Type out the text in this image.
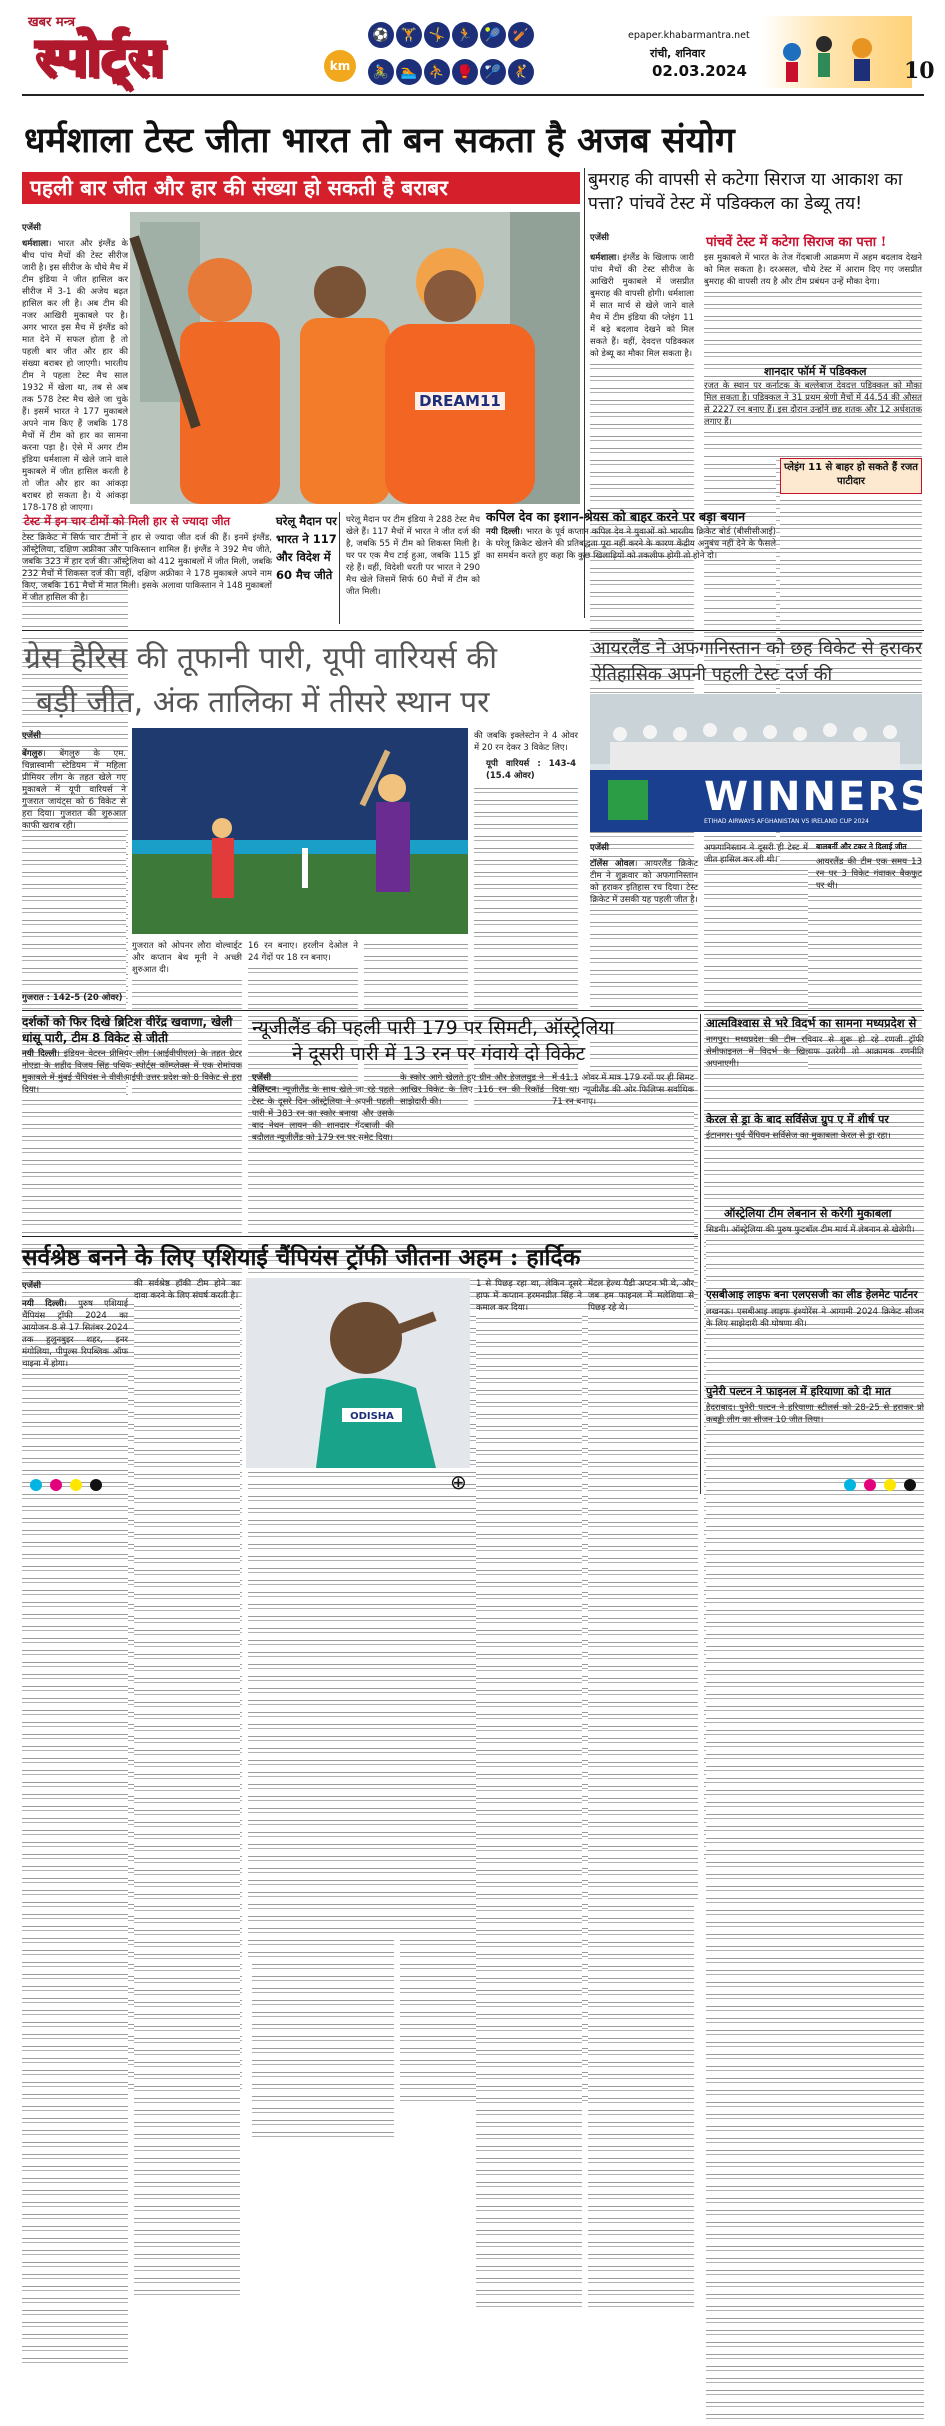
खबर मन्त्र
स्पोर्ट्स	km
⚽ 🏋 🤸 🏃 🎾 🏏
🚴 🏊 ⛹ 🥊 🏸 🤾
epaper.khabarmantra.net
रांची, शनिवार
02.03.2024	10
धर्मशाला टेस्ट जीता भारत तो बन सकता है अजब संयोग
पहली बार जीत और हार की संख्या हो सकती है बराबर
एजेंसी
धर्मशाला। भारत और इंग्लैंड के बीच पांच मैचों की टेस्ट सीरीज जारी है। इस सीरीज के चौथे मैच में टीम इंडिया ने जीत हासिल कर सीरीज में 3-1 की अजेय बढ़त हासिल कर ली है। अब टीम की नजर आखिरी मुकाबले पर है। अगर भारत इस मैच में इंग्लैंड को मात देने में सफल होता है तो पहली बार जीत और हार की संख्या बराबर हो जाएगी। भारतीय टीम ने पहला टेस्ट मैच साल 1932 में खेला था, तब से अब तक 578 टेस्ट मैच खेले जा चुके हैं। इसमें भारत ने 177 मुकाबले अपने नाम किए हैं जबकि 178 मैचों में टीम को हार का सामना करना पड़ा है। ऐसे में अगर टीम इंडिया धर्मशाला में खेले जाने वाले मुकाबले में जीत हासिल करती है तो जीत और हार का आंकड़ा बराबर हो सकता है। ये आंकड़ा 178-178 हो जाएगा।
DREAM11
बुमराह की वापसी से कटेगा सिराज या आकाश का पत्ता? पांचवें टेस्ट में पडिक्कल का डेब्यू तय!
एजेंसी
धर्मशाला। इंग्लैंड के खिलाफ जारी पांच मैचों की टेस्ट सीरीज के आखिरी मुकाबले में जसप्रीत बुमराह की वापसी होगी। धर्मशाला में सात मार्च से खेले जाने वाले मैच में टीम इंडिया की प्लेइंग 11 में बड़े बदलाव देखने को मिल सकते हैं। वहीं, देवदत्त पडिक्कल को डेब्यू का मौका मिल सकता है।
पांचवें टेस्ट में कटेगा सिराज का पत्ता !
इस मुकाबले में भारत के तेज गेंदबाजी आक्रमण में अहम बदलाव देखने को मिल सकता है। दरअसल, चौथे टेस्ट में आराम दिए गए जसप्रीत बुमराह की वापसी तय है और टीम प्रबंधन उन्हें मौका देगा।
शानदार फॉर्म में पडिक्कल
रजत के स्थान पर कर्नाटक के बल्लेबाज देवदत्त पडिक्कल को मौका मिल सकता है। पडिक्कल ने 31 प्रथम श्रेणी मैचों में 44.54 की औसत से 2227 रन बनाए हैं। इस दौरान उन्होंने छह शतक और 12 अर्धशतक लगाए हैं।
प्लेइंग 11 से बाहर हो सकते हैं रजत पाटीदार
टेस्ट में इन चार टीमों को मिली हार से ज्यादा जीत
टेस्ट क्रिकेट में सिर्फ चार टीमों ने हार से ज्यादा जीत दर्ज की हैं। इनमें इंग्लैंड, ऑस्ट्रेलिया, दक्षिण अफ्रीका और पाकिस्तान शामिल हैं। इंग्लैंड ने 392 मैच जीते, जबकि 323 में हार दर्ज की। ऑस्ट्रेलिया को 412 मुकाबलों में जीत मिली, जबकि 232 मैचों में शिकस्त दर्ज की। वहीं, दक्षिण अफ्रीका ने 178 मुकाबले अपने नाम किए, जबकि 161 मैचों में मात मिली। इसके अलावा पाकिस्तान ने 148 मुकाबलों में जीत हासिल की है।
घरेलू मैदान पर भारत ने 117 और विदेश में 60 मैच जीते
घरेलू मैदान पर टीम इंडिया ने 288 टेस्ट मैच खेले हैं। 117 मैचों में भारत ने जीत दर्ज की है, जबकि 55 में टीम को शिकस्त मिली है। घर पर एक मैच टाई हुआ, जबकि 115 ड्रॉ रहे हैं। वहीं, विदेशी धरती पर भारत ने 290 मैच खेले जिसमें सिर्फ 60 मैचों में टीम को जीत मिली।
कपिल देव का इशान-श्रेयस को बाहर करने पर बड़ा बयान
नयी दिल्ली। भारत के पूर्व कप्तान कपिल देव ने युवाओं को भारतीय क्रिकेट बोर्ड (बीसीसीआई) के घरेलू क्रिकेट खेलने की प्रतिबद्धता पूरा नहीं करने के कारण केंद्रीय अनुबंध नहीं देने के फैसले का समर्थन करते हुए कहा कि कुछ खिलाड़ियों को तकलीफ होगी तो होने दो।
ग्रेस हैरिस की तूफानी पारी, यूपी वारियर्स की
बड़ी जीत, अंक तालिका में तीसरे स्थान पर
एजेंसी
बेंगलुरु। बेंगलुरु के एम. चिन्नास्वामी स्टेडियम में महिला प्रीमियर लीग के तहत खेले गए मुकाबले में यूपी वारियर्स ने गुजरात जायंट्स को 6 विकेट से हरा दिया। गुजरात की शुरुआत काफी खराब रही।
गुजरात : 142-5 (20 ओवर)
गुजरात को ओपनर लौरा वोल्वार्ड्ट और कप्तान बेथ मूनी ने अच्छी शुरुआत दी।
16 रन बनाए। हरलीन देओल ने 24 गेंदों पर 18 रन बनाए।
की जबकि इक्लेस्टोन ने 4 ओवर में 20 रन देकर 3 विकेट लिए।
यूपी वारियर्स : 143-4 (15.4 ओवर)
आयरलैंड ने अफगानिस्तान को छह विकेट से हराकर ऐतिहासिक अपनी पहली टेस्ट दर्ज की
WINNERS
ETIHAD AIRWAYS AFGHANISTAN VS IRELAND CUP 2024
एजेंसी
टॉलेंस ओवल। आयरलैंड क्रिकेट टीम ने शुक्रवार को अफगानिस्तान को हराकर इतिहास रच दिया। टेस्ट क्रिकेट में उसकी यह पहली जीत है।
अफगानिस्तान ने दूसरी ही टेस्ट में जीत हासिल कर ली थी।
बालबर्नी और टकर ने दिलाई जीत
आयरलैंड की टीम एक समय 13 रन पर 3 विकेट गंवाकर बैकफुट पर थी।
दर्शकों को फिर दिखे ब्रिटिश वीरेंद्र खवाणा, खेली धांसू पारी, टीम 8 विकेट से जीती
नयी दिल्ली। इंडियन वेटरन प्रीमियर लीग (आईवीपीएल) के तहत ग्रेटर नोएडा के शहीद विजय सिंह पथिक स्पोर्ट्स कॉम्प्लेक्स में एक रोमांचक मुकाबले में मुंबई चैंपियंस ने वीवीआईपी उत्तर प्रदेश को 8 विकेट से हरा दिया।
न्यूजीलैंड की पहली पारी 179 पर सिमटी, ऑस्ट्रेलिया
ने दूसरी पारी में 13 रन पर गंवाये दो विकेट
एजेंसी
वेलिंग्टन। न्यूजीलैंड के साथ खेले जा रहे पहले टेस्ट के दूसरे दिन ऑस्ट्रेलिया ने अपनी पहली पारी में 383 रन का स्कोर बनाया और उसके बाद नेथन लायन की शानदार गेंदबाजी की बदौलत न्यूजीलैंड को 179 रन पर समेट दिया।
के स्कोर आगे खेलते हुए ग्रीन और हेजलवुड ने आखिर विकेट के लिए 116 रन की रिकॉर्ड साझेदारी की।
में 41.1 ओवर में मात्र 179 रनों पर ही सिमट दिया था। न्यूजीलैंड की ओर फिलिप्स सर्वाधिक 71 रन बनाए।
आत्मविश्वास से भरे विदर्भ का सामना मध्यप्रदेश से
नागपुर। मध्यप्रदेश की टीम रविवार से शुरू हो रहे रणजी ट्रॉफी सेमीफाइनल में विदर्भ के खिलाफ उतरेगी तो आक्रामक रणनीति अपनाएगी।
केरल से ड्रा के बाद सर्विसेज ग्रुप ए में शीर्ष पर
ईटानगर। पूर्व चैंपियन सर्विसेज का मुकाबला केरल से ड्रा रहा।
ऑस्ट्रेलिया टीम लेबनान से करेगी मुकाबला
सिडनी। ऑस्ट्रेलिया की पुरुष फुटबॉल टीम मार्च में लेबनान से खेलेगी।
एसबीआइ लाइफ बना एलएसजी का लीड हेलमेट पार्टनर
लखनऊ। एसबीआइ लाइफ इंश्योरेंस ने आगामी 2024 क्रिकेट सीजन के लिए साझेदारी की घोषणा की।
पुनेरी पल्टन ने फाइनल में हरियाणा को दी मात
हैदराबाद। पुनेरी पल्टन ने हरियाणा स्टीलर्स को 28-25 से हराकर प्रो कबड्डी लीग का सीजन 10 जीत लिया।
सर्वश्रेष्ठ बनने के लिए एशियाई चैंपियंस ट्रॉफी जीतना अहम : हार्दिक
एजेंसी
नयी दिल्ली। पुरुष एशियाई चैंपियंस ट्रॉफी 2024 का आयोजन 8 से 17 सितंबर 2024 तक हुलुनबुइर शहर, इनर मंगोलिया, पीपुल्स रिपब्लिक ऑफ चाइना में होगा।
की सर्वश्रेष्ठ हॉकी टीम होने का दावा करने के लिए संघर्ष करती है।
ODISHA
1 से पिछड़ रहा था, लेकिन दूसरे हाफ में कप्तान हरमनप्रीत सिंह ने कमाल कर दिया।
मेंटल हेल्थ पैडी अप्टन भी थे, और जब हम फाइनल में मलेशिया से पिछड़ रहे थे।
⊕
